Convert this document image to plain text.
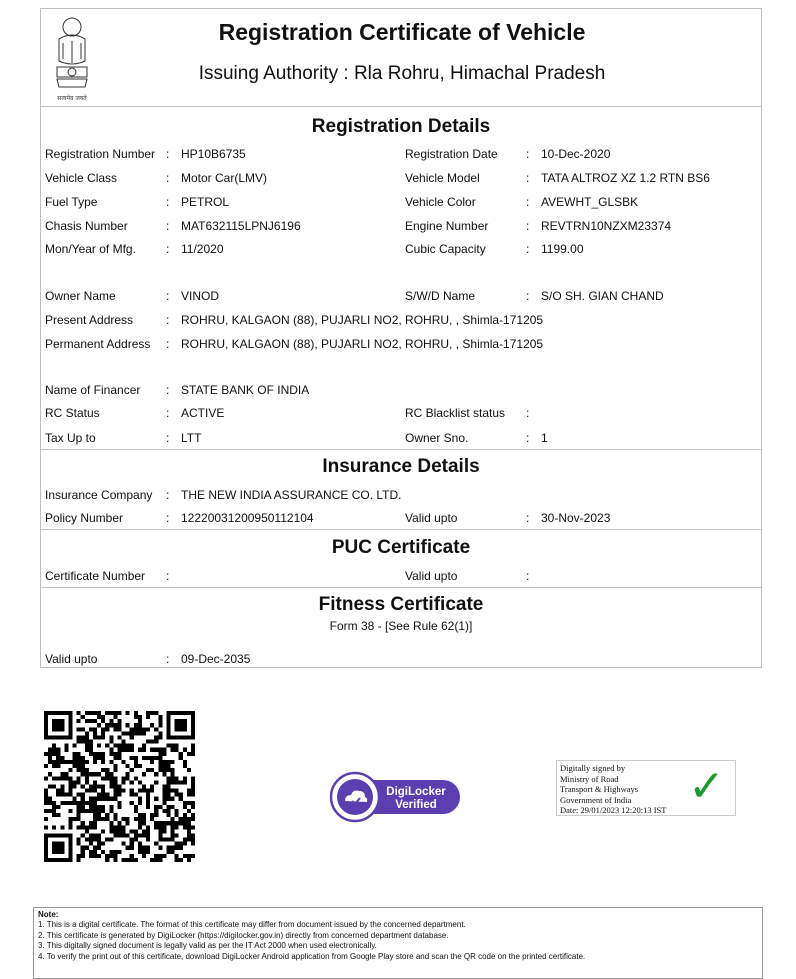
सत्यमेव जयते
Registration Certificate of Vehicle
Issuing Authority : Rla Rohru, Himachal Pradesh
Registration Details
Insurance Details
PUC Certificate
Fitness Certificate
Form 38 - [See Rule 62(1)]
Registration Number : HP10B6735	Registration Date : 10-Dec-2020
Vehicle Class	: Motor Car(LMV)	Vehicle Model	: TATA ALTROZ XZ 1.2 RTN BS6
Fuel Type	: PETROL	Vehicle Color	: AVEWHT_GLSBK
Chasis Number	: MAT632115LPNJ6196	Engine Number	: REVTRN10NZXM23374
Mon/Year of Mfg.	: 11/2020	Cubic Capacity	: 1199.00
Owner Name	: VINOD	S/W/D Name	: S/O SH. GIAN CHAND
Present Address	: ROHRU, KALGAON (88), PUJARLI NO2, ROHRU, , Shimla-171205
Permanent Address : ROHRU, KALGAON (88), PUJARLI NO2, ROHRU, , Shimla-171205
Name of Financer : STATE BANK OF INDIA
RC Status	: ACTIVE	RC Blacklist status :
Tax Up to	: LTT	Owner Sno.	: 1
Insurance Company : THE NEW INDIA ASSURANCE CO. LTD.
Policy Number	: 12220031200950112104	Valid upto	: 30-Nov-2023
Certificate Number :	Valid upto	:
Valid upto	: 09-Dec-2035
DigiLocker
Verified
Digitally signed by
Ministry of Road
Transport & Highways
Government of India
Date: 29/01/2023 12:20:13 IST ✓
Note:
1. This is a digital certificate. The format of this certificate may differ from document issued by the concerned department.
2. This certificate is generated by DigiLocker (https://digilocker.gov.in) directly from concerned department database.
3. This digitally signed document is legally valid as per the IT Act 2000 when used electronically.
4. To verify the print out of this certificate, download DigiLocker Android application from Google Play store and scan the QR code on the printed certificate.
